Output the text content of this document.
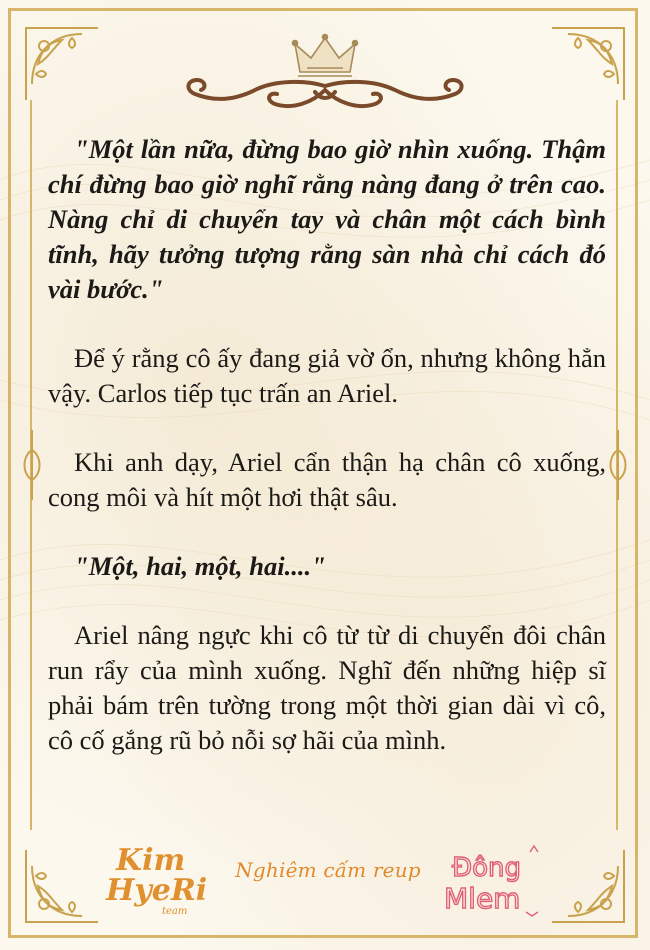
"Một lần nữa, đừng bao giờ nhìn xuống. Thậm chí đừng bao giờ nghĩ rằng nàng đang ở trên cao. Nàng chỉ di chuyển tay và chân một cách bình tĩnh, hãy tưởng tượng rằng sàn nhà chỉ cách đó vài bước."

Để ý rằng cô ấy đang giả vờ ổn, nhưng không hẳn vậy. Carlos tiếp tục trấn an Ariel.

Khi anh dạy, Ariel cẩn thận hạ chân cô xuống, cong môi và hít một hơi thật sâu.

"Một, hai, một, hai...."

Ariel nâng ngực khi cô từ từ di chuyển đôi chân run rẩy của mình xuống. Nghĩ đến những hiệp sĩ phải bám trên tường trong một thời gian dài vì cô, cô cố gắng rũ bỏ nỗi sợ hãi của mình.

Kim
HyeRi
team
Nghiêm cấm reup Đông
Mlem
